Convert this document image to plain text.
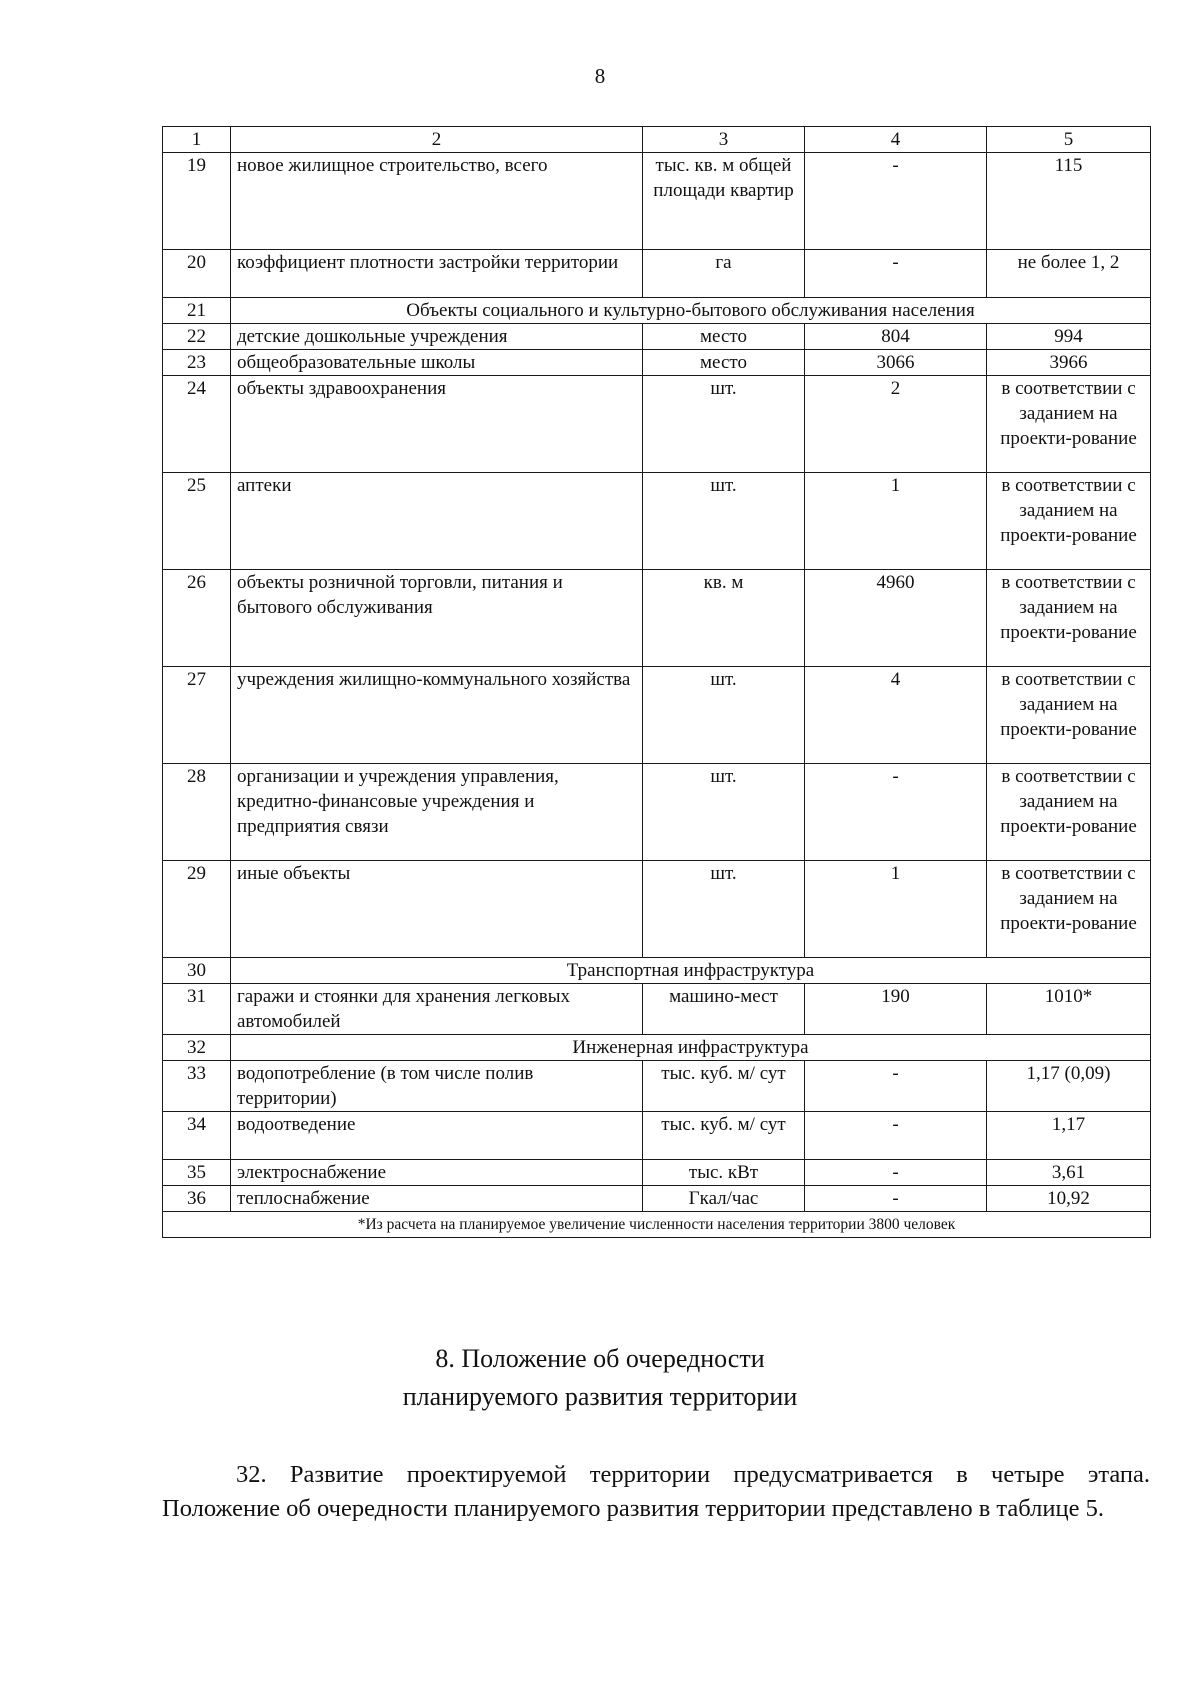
8
1	2	3	4	5
19	новое жилищное строительство, всего	тыс. кв. м общей площади квартир	-	115
20	коэффициент плотности застройки территории	га	-	не более 1, 2
21	Объекты социального и культурно-бытового обслуживания населения			
22	детские дошкольные учреждения	место	804	994
23	общеобразовательные школы	место	3066	3966
24	объекты здравоохранения	шт.	2	в соответствии с заданием на проекти-рование
25	аптеки	шт.	1	в соответствии с заданием на проекти-рование
26	объекты розничной торговли, питания и бытового обслуживания	кв. м	4960	в соответствии с заданием на проекти-рование
27	учреждения жилищно-коммунального хозяйства	шт.	4	в соответствии с заданием на проекти-рование
28	организации и учреждения управления, кредитно-финансовые учреждения и предприятия связи	шт.	-	в соответствии с заданием на проекти-рование
29	иные объекты	шт.	1	в соответствии с заданием на проекти-рование
30	Транспортная инфраструктура			
31	гаражи и стоянки для хранения легковых автомобилей	машино-мест	190	1010*
32	Инженерная инфраструктура			
33	водопотребление (в том числе полив территории)	тыс. куб. м/ сут	-	1,17 (0,09)
34	водоотведение	тыс. куб. м/ сут	-	1,17
35	электроснабжение	тыс. кВт	-	3,61
36	теплоснабжение	Гкал/час	-	10,92
*Из расчета на планируемое увеличение численности населения территории 3800 человек				
8. Положение об очередности
планируемого развития территории
32. Развитие проектируемой территории предусматривается в четыре этапа. Положение об очередности планируемого развития территории представлено в таблице 5.
